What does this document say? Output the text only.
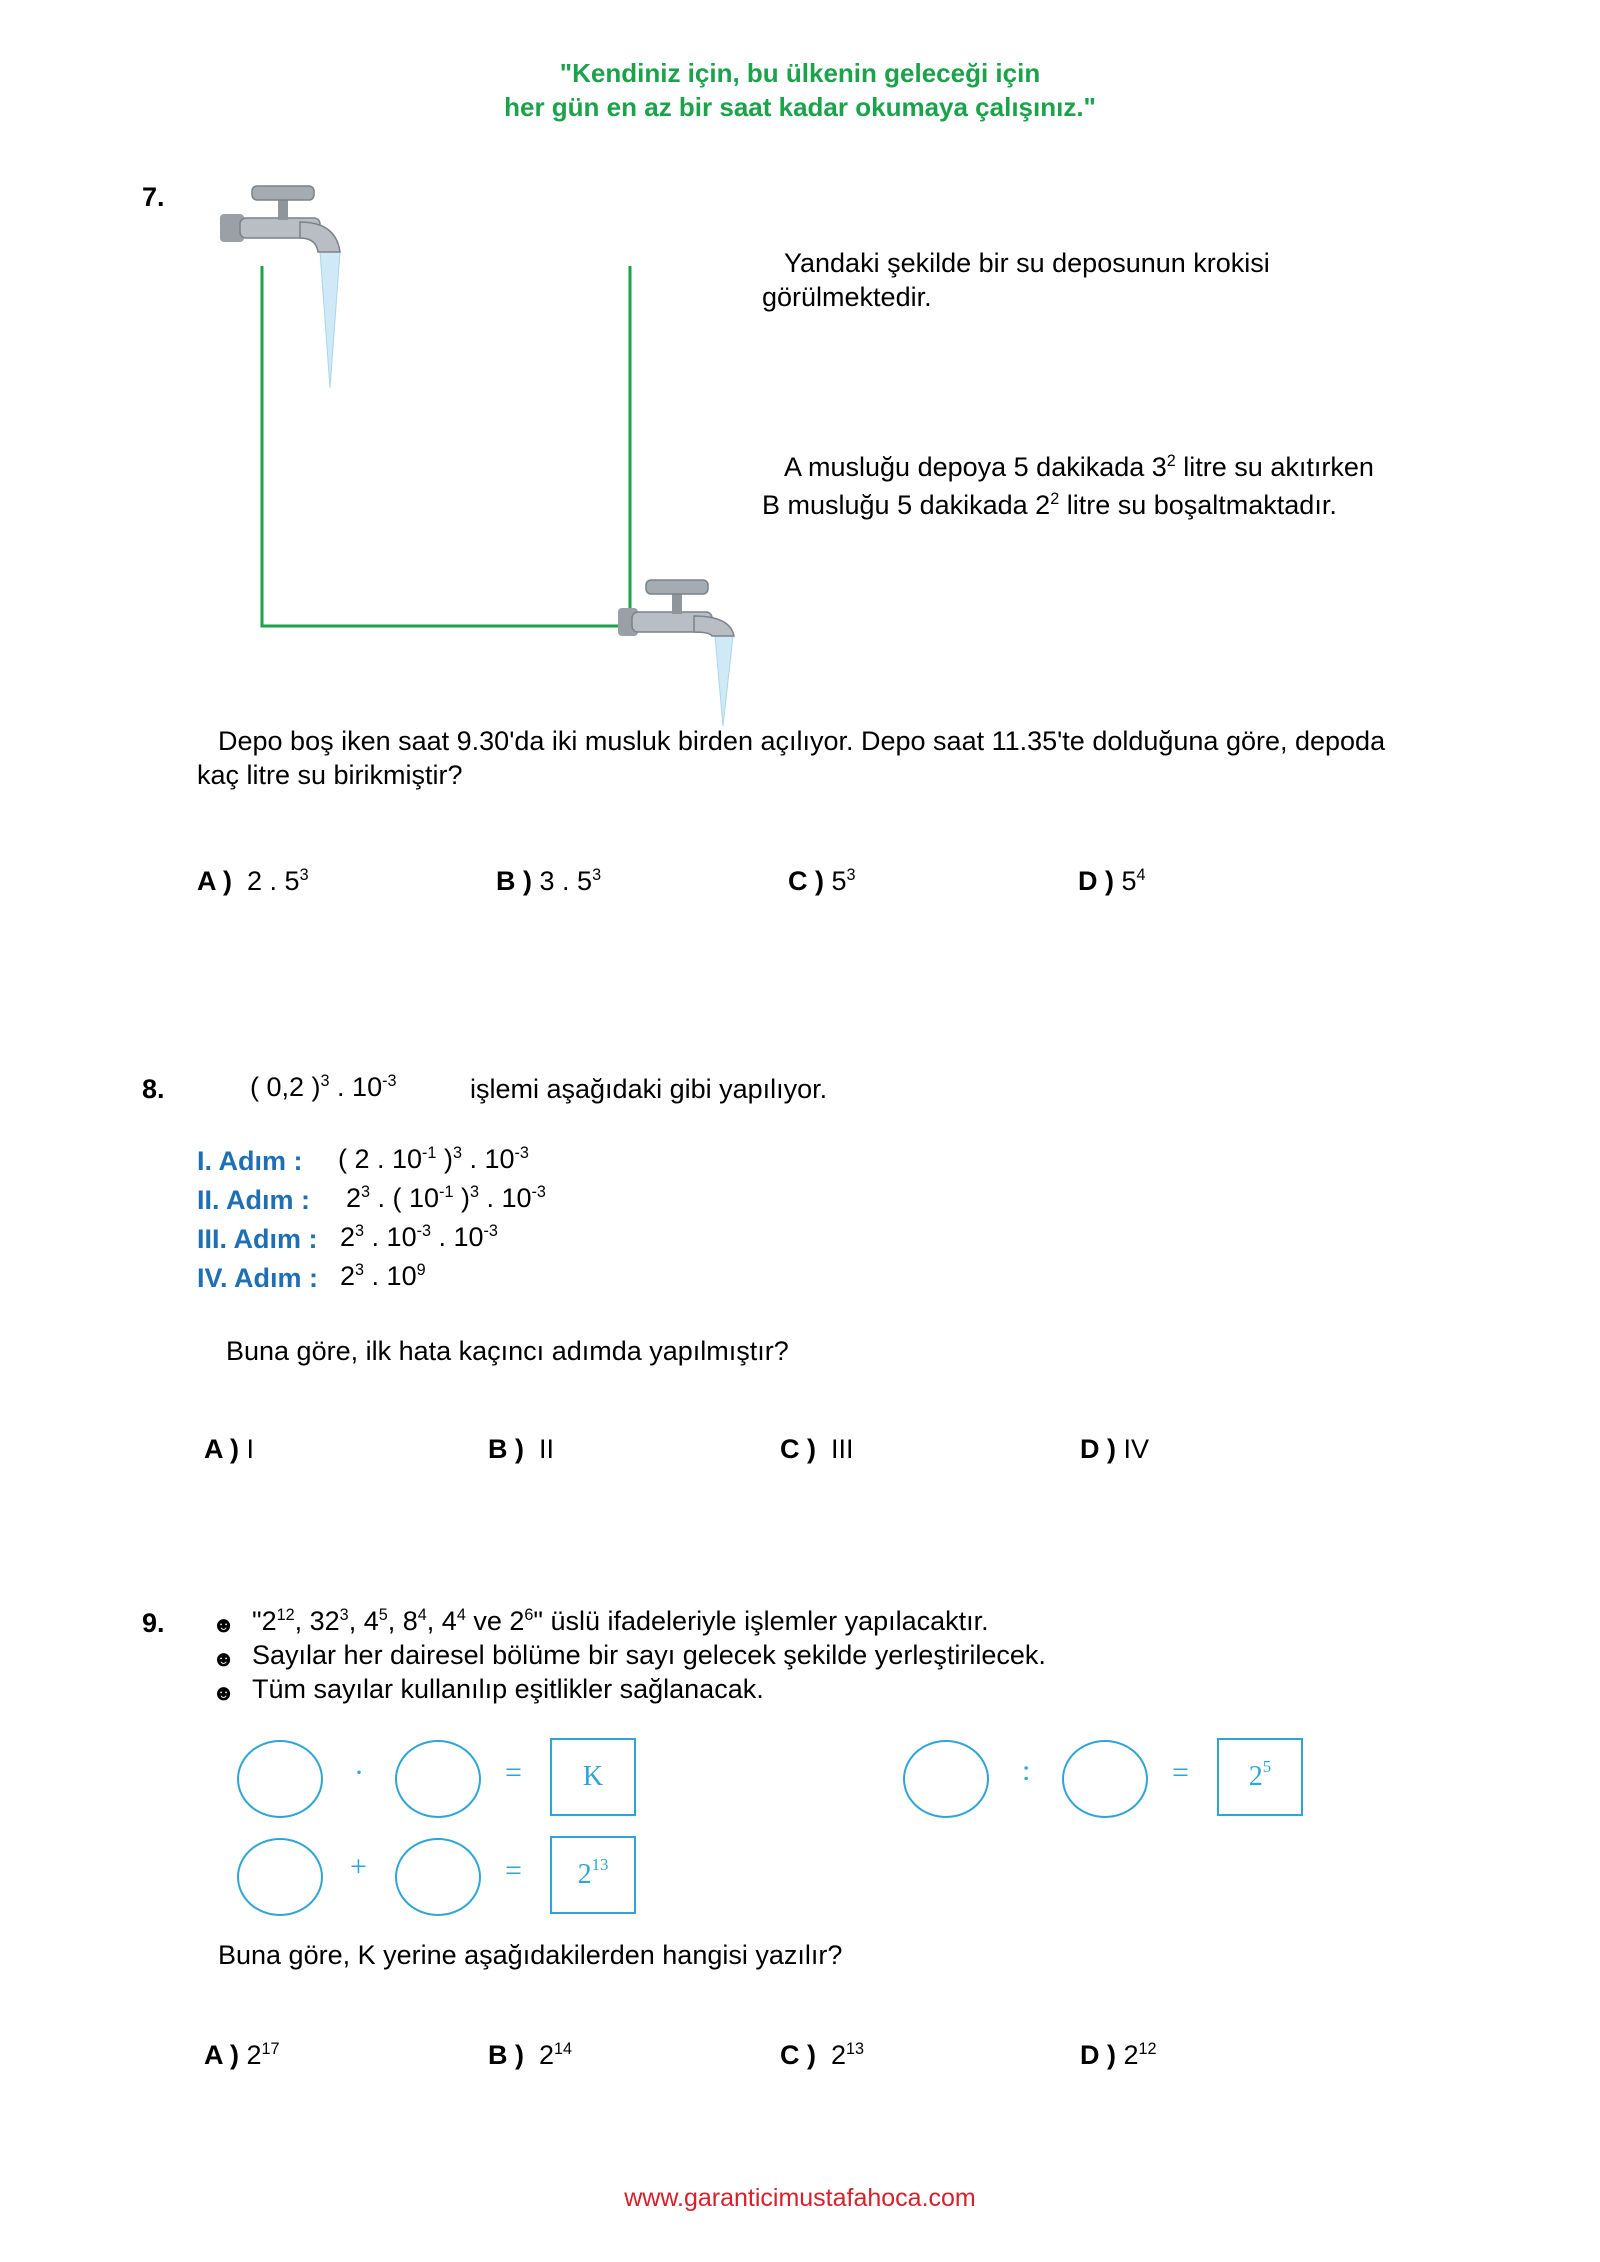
"Kendiniz için, bu ülkenin geleceği için
her gün en az bir saat kadar okumaya çalışınız."
7.
Yandaki şekilde bir su deposunun krokisi
görülmektedir.
A musluğu depoya 5 dakikada $3^2$ litre su akıtırken
B musluğu 5 dakikada $2^2$ litre su boşaltmaktadır.
Depo boş iken saat 9.30'da iki musluk birden açılıyor. Depo saat 11.35'te dolduğuna göre, depoda
kaç litre su birikmiştir?
A ) 2 . $5^3$	B ) 3 . $5^3$	C ) $5^3$	D ) $5^4$
8.	( 0,2 )$^3$ . $10^{-3}$	işlemi aşağıdaki gibi yapılıyor.
I. Adım : ( 2 . $10^{-1}$ )$^3$ . $10^{-3}$
II. Adım : $2^3$ . ( $10^{-1}$ )$^3$ . $10^{-3}$
III. Adım : $2^3$ . $10^{-3}$ . $10^{-3}$
IV. Adım : $2^3$ . $10^9$
Buna göre, ilk hata kaçıncı adımda yapılmıştır?
A ) I	B ) II	C ) III	D ) IV
9. ☻ "$2^{12}$, $32^3$, $4^5$, $8^4$, $4^4$ ve $2^6$" üslü ifadeleriyle işlemler yapılacaktır.
☻ Sayılar her dairesel bölüme bir sayı gelecek şekilde yerleştirilecek.
☻ Tüm sayılar kullanılıp eşitlikler sağlanacak.
·	= K	:	= $2^5$
+	= $2^{13}$
Buna göre, K yerine aşağıdakilerden hangisi yazılır?
A ) $2^{17}$	B ) $2^{14}$	C ) $2^{13}$	D ) $2^{12}$
www.garanticimustafahoca.com
